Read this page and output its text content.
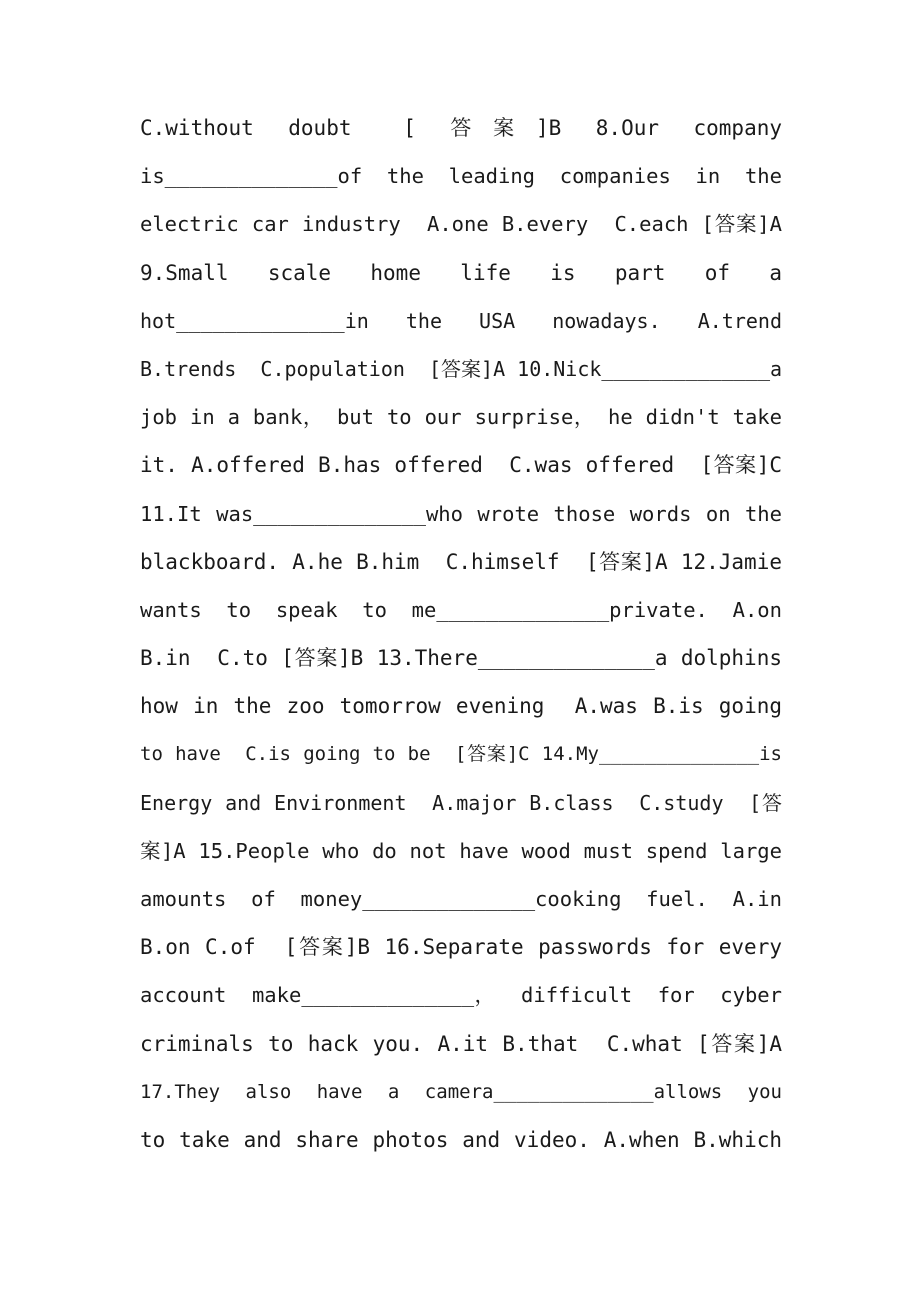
C.without  doubt   [  答 案 ]B  8.Our  company
is______________of  the  leading  companies  in  the
electric car industry  A.one B.every  C.each [答案]A
9.Small   scale   home   life   is   part   of   a
hot______________in   the   USA   nowadays.   A.trend
B.trends  C.population  [答案]A 10.Nick______________a
job in a bank， but to our surprise， he didn't take
it. A.offered B.has offered  C.was offered  [答案]C
11.It was______________who wrote those words on the
blackboard. A.he B.him  C.himself  [答案]A 12.Jamie
wants  to  speak  to  me______________private.  A.on
B.in  C.to [答案]B 13.There______________a dolphins
how in the zoo tomorrow evening  A.was B.is going
to have  C.is going to be  [答案]C 14.My______________is
Energy and Environment  A.major B.class  C.study  [答
案]A 15.People who do not have wood must spend large
amounts  of  money______________cooking  fuel.  A.in
B.on C.of  [答案]B 16.Separate passwords for every
account  make______________，  difficult  for  cyber
criminals to hack you. A.it B.that  C.what [答案]A
17.They  also  have  a  camera______________allows  you
to take and share photos and video. A.when B.which
